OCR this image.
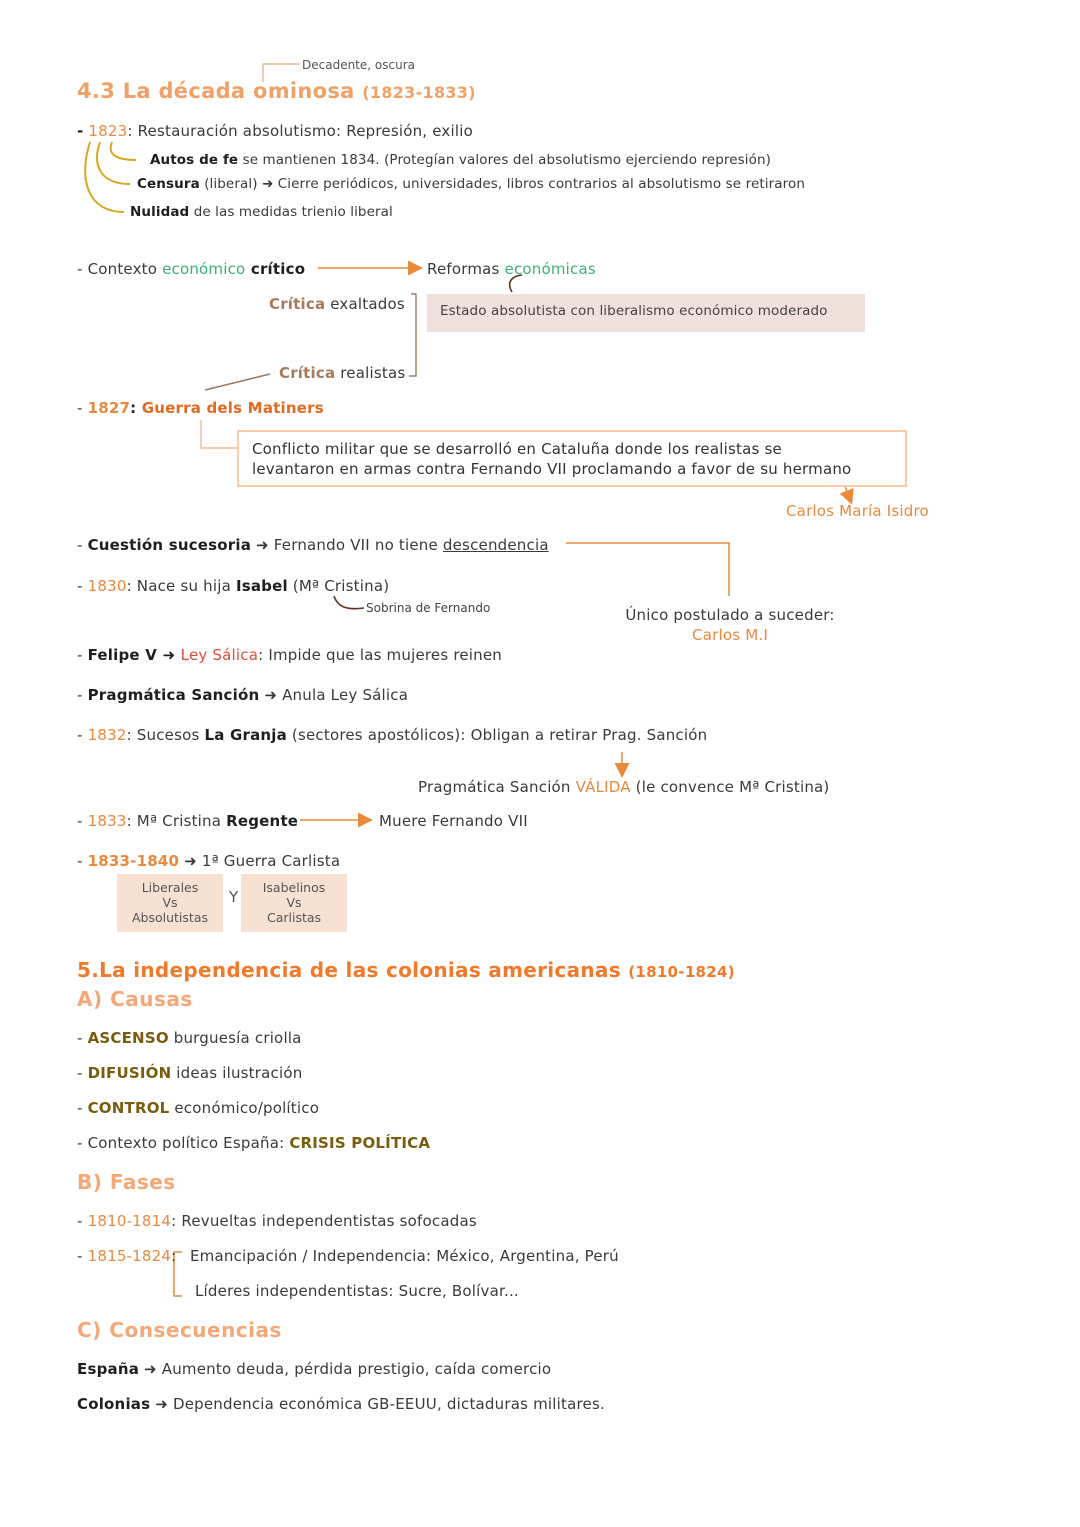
Decadente, oscura
4.3 La década ominosa (1823-1833)
- 1823: Restauración absolutismo: Represión, exilio
Autos de fe se mantienen 1834. (Protegían valores del absolutismo ejerciendo represión)
Censura (liberal) ➜ Cierre periódicos, universidades, libros contrarios al absolutismo se retiraron
Nulidad de las medidas trienio liberal
- Contexto económico crítico	Reformas económicas
Crítica exaltados	Estado absolutista con liberalismo económico moderado
Crítica realistas
- 1827: Guerra dels Matiners
Conflicto militar que se desarrolló en Cataluña donde los realistas se
levantaron en armas contra Fernando VII proclamando a favor de su hermano
Carlos María Isidro
- Cuestión sucesoria ➜ Fernando VII no tiene descendencia
- 1830: Nace su hija Isabel (Mª Cristina)
Sobrina de Fernando	Único postulado a suceder:
Carlos M.I
- Felipe V ➜ Ley Sálica: Impide que las mujeres reinen
- Pragmática Sanción ➜ Anula Ley Sálica
- 1832: Sucesos La Granja (sectores apostólicos): Obligan a retirar Prag. Sanción
Pragmática Sanción VÁLIDA (le convence Mª Cristina)
- 1833: Mª Cristina Regente	Muere Fernando VII
- 1833-1840 ➜ 1ª Guerra Carlista
Liberales
Vs
Absolutistas
Y
Isabelinos
Vs
Carlistas
5.La independencia de las colonias americanas (1810-1824)
A) Causas
- ASCENSO burguesía criolla
- DIFUSIÓN ideas ilustración
- CONTROL económico/político
- Contexto político España: CRISIS POLÍTICA
B) Fases
- 1810-1814: Revueltas independentistas sofocadas
- 1815-1824: Emancipación / Independencia: México, Argentina, Perú
Líderes independentistas: Sucre, Bolívar...
C) Consecuencias
España ➜ Aumento deuda, pérdida prestigio, caída comercio
Colonias ➜ Dependencia económica GB-EEUU, dictaduras militares.
